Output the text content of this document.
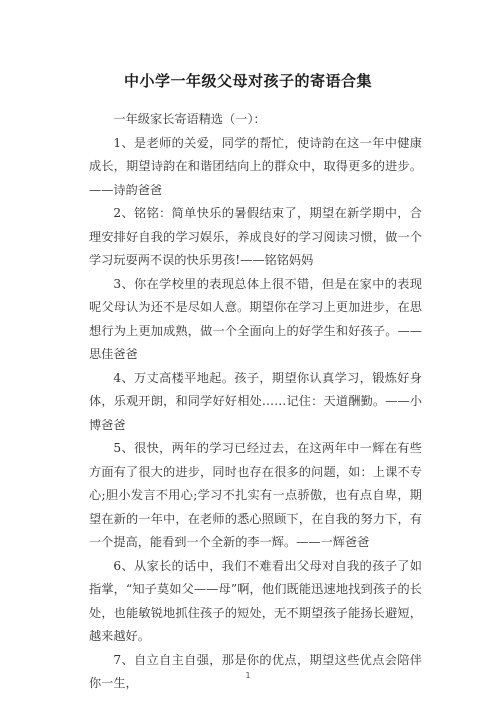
中小学一年级父母对孩子的寄语合集

一年级家长寄语精选（一）：

1、是老师的关爱，同学的帮忙，使诗韵在这一年中健康成长，期望诗韵在和谐团结向上的群众中，取得更多的进步。——诗韵爸爸

2、铭铭：简单快乐的暑假结束了，期望在新学期中，合理安排好自我的学习娱乐，养成良好的学习阅读习惯，做一个学习玩耍两不误的快乐男孩!——铭铭妈妈

3、你在学校里的表现总体上很不错，但是在家中的表现呢父母认为还不是尽如人意。期望你在学习上更加进步，在思想行为上更加成熟，做一个全面向上的好学生和好孩子。——思佳爸爸

4、万丈高楼平地起。孩子，期望你认真学习，锻炼好身体，乐观开朗，和同学好好相处……记住：天道酬勤。——小博爸爸

5、很快，两年的学习已经过去，在这两年中一辉在有些方面有了很大的进步，同时也存在很多的问题，如：上课不专心;胆小发言不用心;学习不扎实有一点骄傲，也有点自卑，期望在新的一年中，在老师的悉心照顾下，在自我的努力下，有一个提高，能看到一个全新的李一辉。——一辉爸爸

6、从家长的话中，我们不难看出父母对自我的孩子了如指掌，“知子莫如父——母”啊，他们既能迅速地找到孩子的长处，也能敏锐地抓住孩子的短处，无不期望孩子能扬长避短，越来越好。

7、自立自主自强，那是你的优点，期望这些优点会陪伴你一生，

1
